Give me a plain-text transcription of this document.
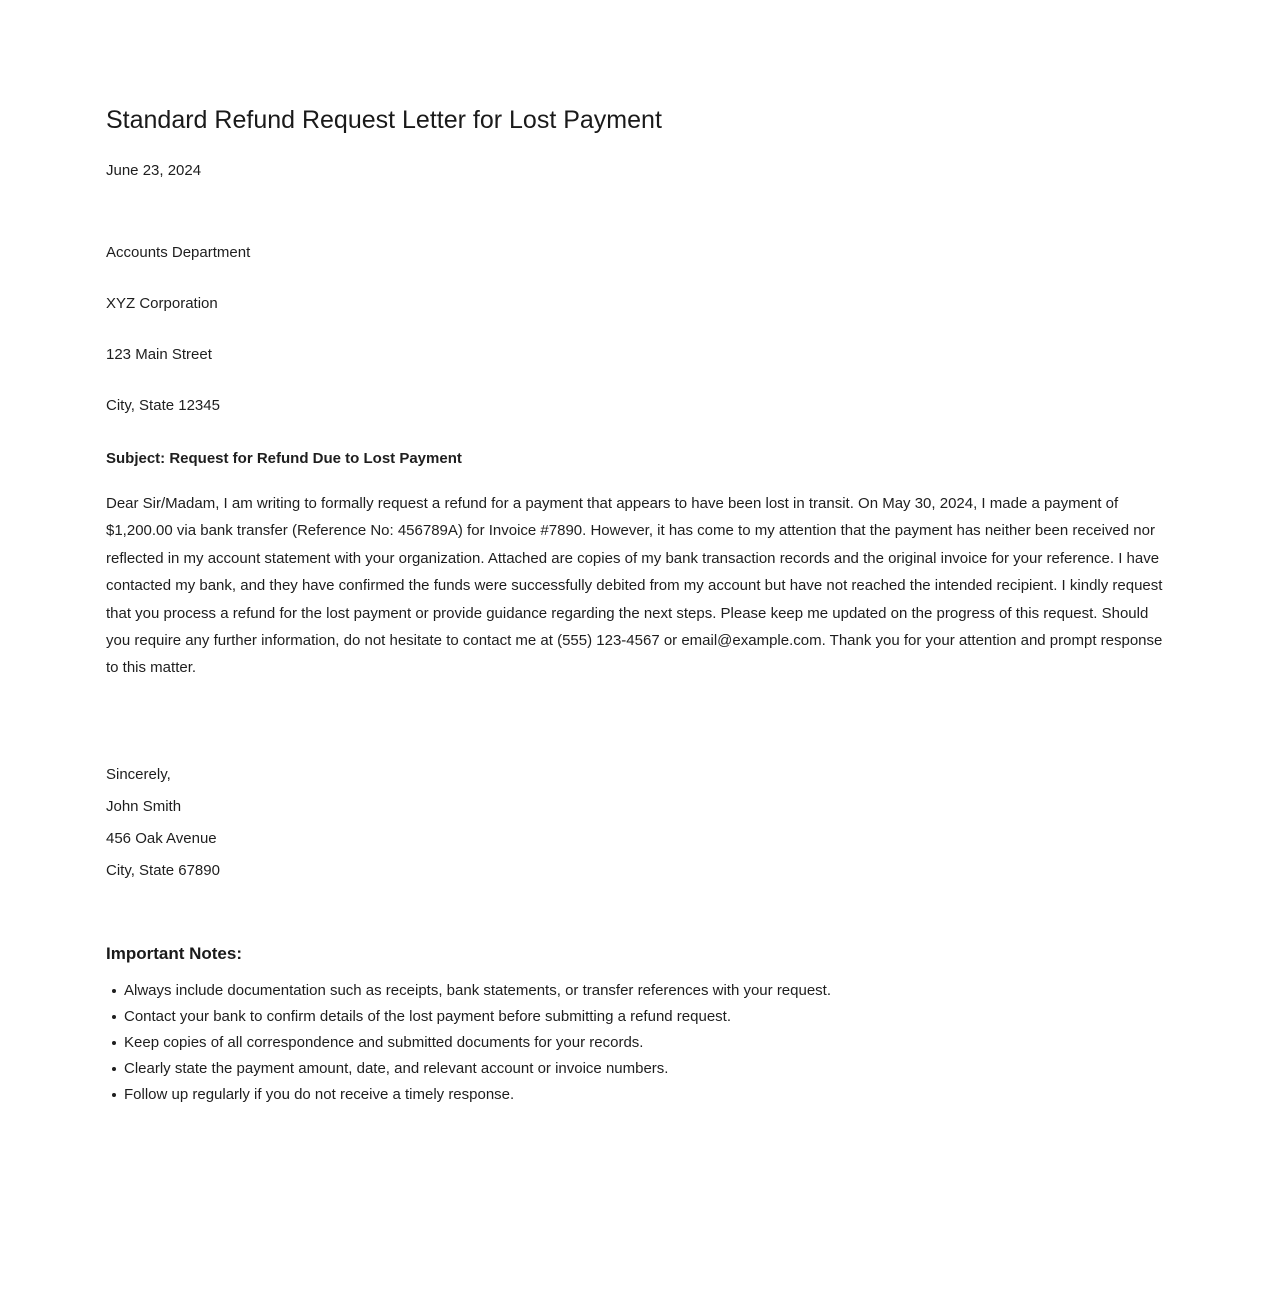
Standard Refund Request Letter for Lost Payment

June 23, 2024

Accounts Department

XYZ Corporation

123 Main Street

City, State 12345

Subject: Request for Refund Due to Lost Payment

Dear Sir/Madam, I am writing to formally request a refund for a payment that appears to have been lost in transit. On May 30, 2024, I made a payment of $1,200.00 via bank transfer (Reference No: 456789A) for Invoice #7890. However, it has come to my attention that the payment has neither been received nor reflected in my account statement with your organization. Attached are copies of my bank transaction records and the original invoice for your reference. I have contacted my bank, and they have confirmed the funds were successfully debited from my account but have not reached the intended recipient. I kindly request that you process a refund for the lost payment or provide guidance regarding the next steps. Please keep me updated on the progress of this request. Should you require any further information, do not hesitate to contact me at (555) 123-4567 or email@example.com. Thank you for your attention and prompt response to this matter.

Sincerely,

John Smith

456 Oak Avenue

City, State 67890

Important Notes:
Always include documentation such as receipts, bank statements, or transfer references with your request.
Contact your bank to confirm details of the lost payment before submitting a refund request.
Keep copies of all correspondence and submitted documents for your records.
Clearly state the payment amount, date, and relevant account or invoice numbers.
Follow up regularly if you do not receive a timely response.
